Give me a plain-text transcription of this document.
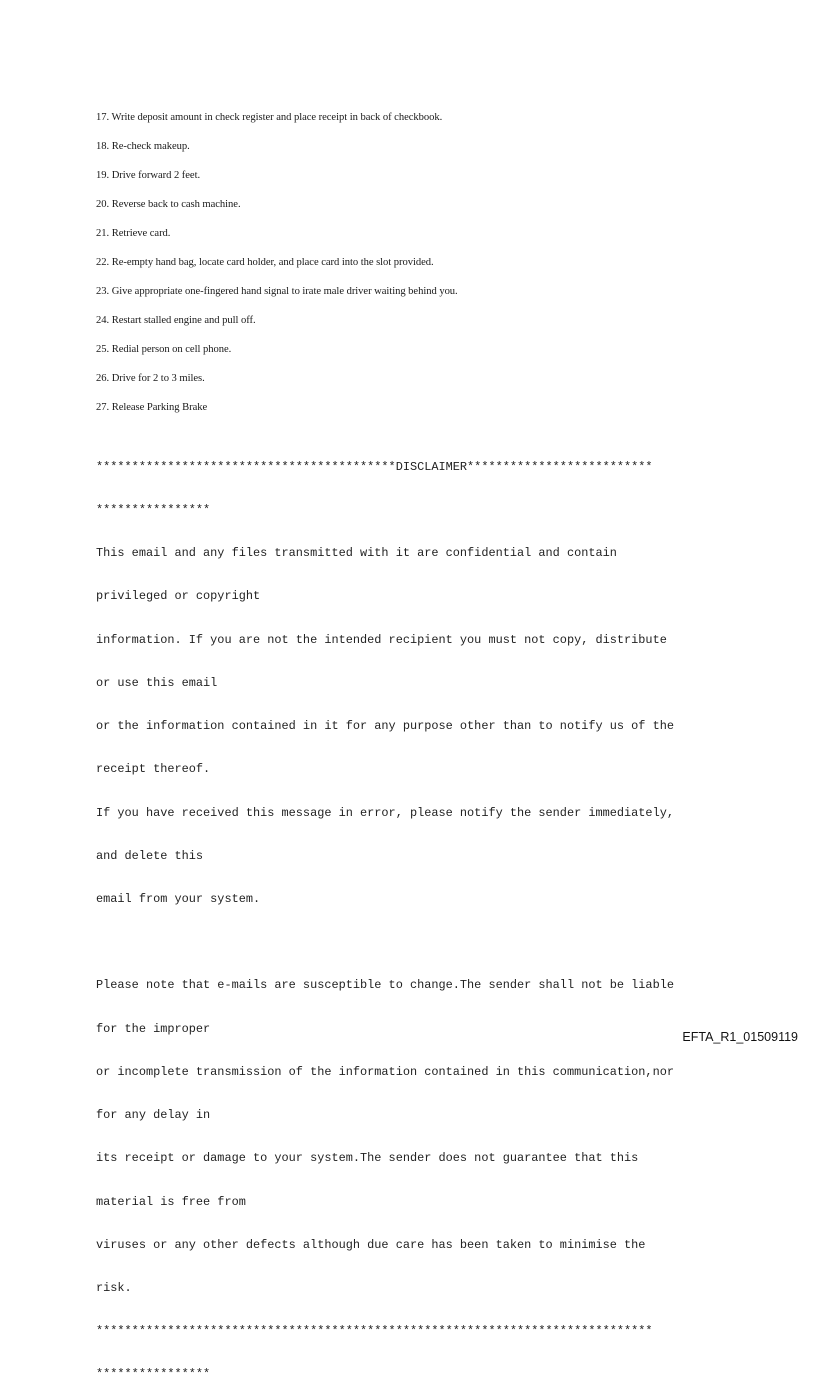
17. Write deposit amount in check register and place receipt in back of checkbook.
18. Re-check makeup.
19. Drive forward 2 feet.
20. Reverse back to cash machine.
21. Retrieve card.
22. Re-empty hand bag, locate card holder, and place card into the slot provided.
23. Give appropriate one-fingered hand signal to irate male driver waiting behind you.
24. Restart stalled engine and pull off.
25. Redial person on cell phone.
26. Drive for 2 to 3 miles.
27. Release Parking Brake

******************************************DISCLAIMER**************************

****************

This email and any files transmitted with it are confidential and contain

privileged or copyright

information. If you are not the intended recipient you must not copy, distribute

or use this email

or the information contained in it for any purpose other than to notify us of the

receipt thereof.

If you have received this message in error, please notify the sender immediately,

and delete this

email from your system.

Please note that e-mails are susceptible to change.The sender shall not be liable

for the improper

or incomplete transmission of the information contained in this communication,nor

for any delay in

its receipt or damage to your system.The sender does not guarantee that this

material is free from

viruses or any other defects although due care has been taken to minimise the

risk.

******************************************************************************

****************

EFTA_R1_01509119
